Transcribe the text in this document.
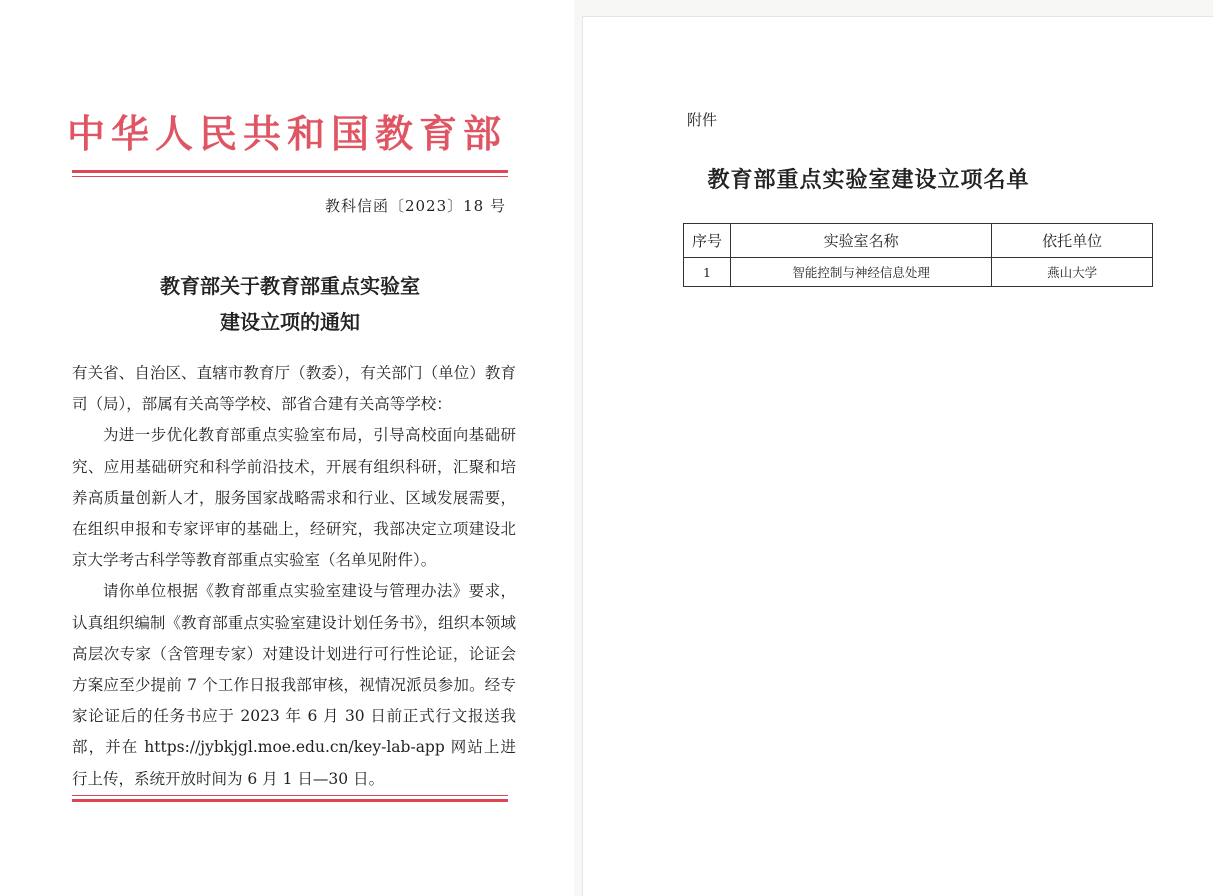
中华人民共和国教育部
教科信函〔2023〕18 号
教育部关于教育部重点实验室
建设立项的通知

有关省、自治区、直辖市教育厅（教委），有关部门（单位）教育司（局），部属有关高等学校、部省合建有关高等学校：

为进一步优化教育部重点实验室布局，引导高校面向基础研究、应用基础研究和科学前沿技术，开展有组织科研，汇聚和培养高质量创新人才，服务国家战略需求和行业、区域发展需要，在组织申报和专家评审的基础上，经研究，我部决定立项建设北京大学考古科学等教育部重点实验室（名单见附件）。

请你单位根据《教育部重点实验室建设与管理办法》要求，认真组织编制《教育部重点实验室建设计划任务书》，组织本领域高层次专家（含管理专家）对建设计划进行可行性论证，论证会方案应至少提前 7 个工作日报我部审核，视情况派员参加。经专家论证后的任务书应于 2023 年 6 月 30 日前正式行文报送我部，并在 https://jybkjgl.moe.edu.cn/key-lab-app 网站上进行上传，系统开放时间为 6 月 1 日—30 日。

附件
教育部重点实验室建设立项名单
序号	实验室名称	依托单位
1	智能控制与神经信息处理	燕山大学
